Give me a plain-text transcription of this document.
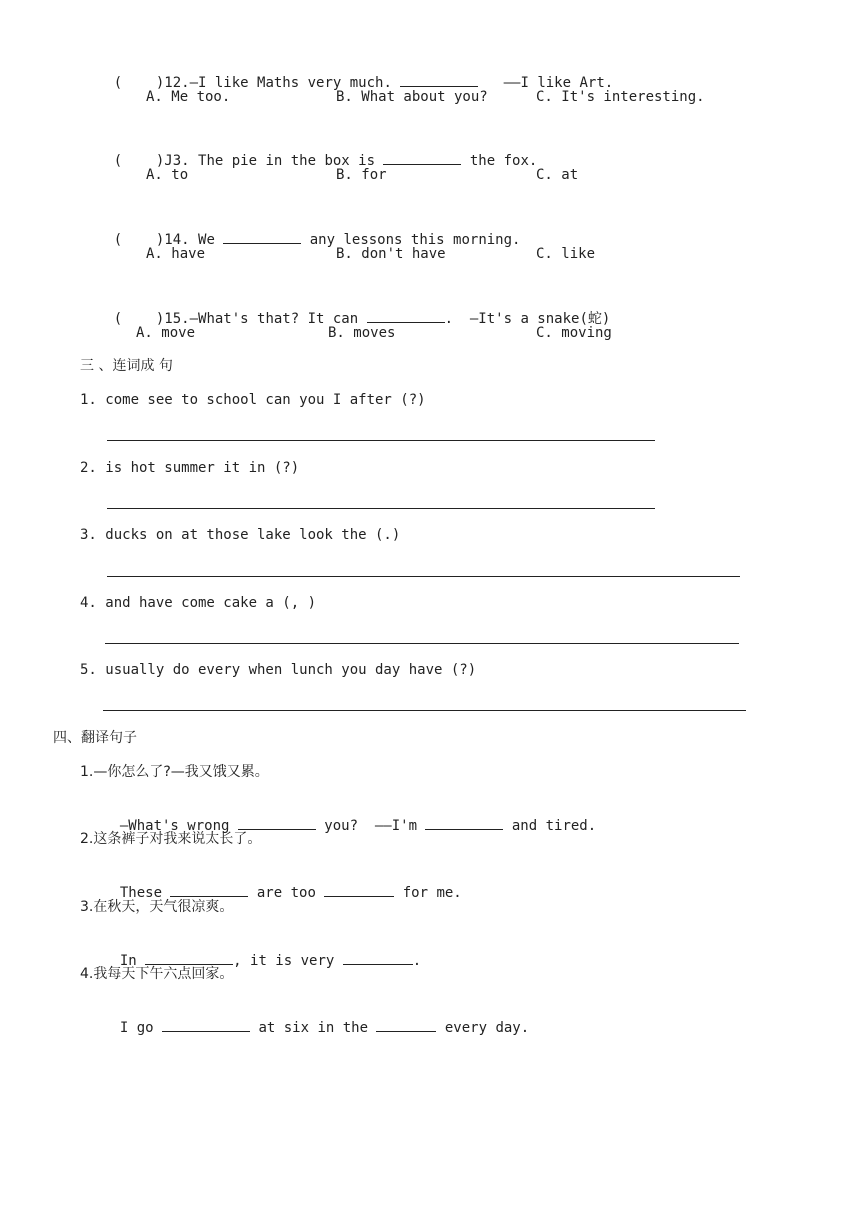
(    )12.—I like Maths very much.	——I like Art.

A. Me too.	B. What about you?	C. It's interesting.

(    )J3. The pie in the box is	the fox.

A. to	B. for	C. at

(    )14. We	any lessons this morning.

A. have	B. don't have	C. like

(    )15.—What's that? It can	.  —It's a snake(蛇)

A. move	B. moves	C. moving
三 、连词成 句
1. come see to school can you I after (?)
2. is hot summer it in (?)
3. ducks on at those lake look the (.)
4. and have come cake a (, )
5. usually do every when lunch you day have (?)
四、翻译句子
1.—你怎么了?—我又饿又累。

—What's wrong	you?  ——I'm	and tired.

2.这条裤子对我来说太长了。

These	are too	for me.

3.在秋天，天气很凉爽。

In	, it is very	.

4.我每天下午六点回家。

I go	at six in the	every day.
